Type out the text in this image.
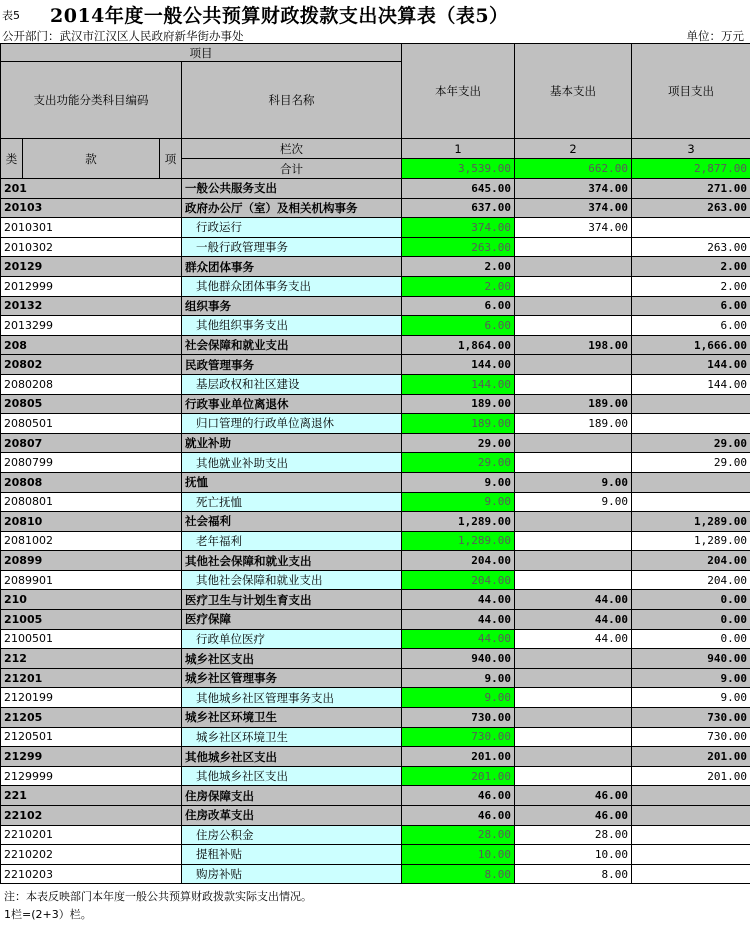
表5 2014年度一般公共预算财政拨款支出决算表（表5）
公开部门：武汉市江汉区人民政府新华街办事处	单位：万元
项目				本年支出	基本支出	项目支出
支出功能分类科目编码			科目名称			
类	款	项	栏次	1	2	3
			合计	3,539.00	662.00	2,877.00
201			一般公共服务支出	645.00	374.00	271.00
20103			政府办公厅（室）及相关机构事务	637.00	374.00	263.00
2010301			行政运行	374.00	374.00	
2010302			一般行政管理事务	263.00		263.00
20129			群众团体事务	2.00		2.00
2012999			其他群众团体事务支出	2.00		2.00
20132			组织事务	6.00		6.00
2013299			其他组织事务支出	6.00		6.00
208			社会保障和就业支出	1,864.00	198.00	1,666.00
20802			民政管理事务	144.00		144.00
2080208			基层政权和社区建设	144.00		144.00
20805			行政事业单位离退休	189.00	189.00	
2080501			归口管理的行政单位离退休	189.00	189.00	
20807			就业补助	29.00		29.00
2080799			其他就业补助支出	29.00		29.00
20808			抚恤	9.00	9.00	
2080801			死亡抚恤	9.00	9.00	
20810			社会福利	1,289.00		1,289.00
2081002			老年福利	1,289.00		1,289.00
20899			其他社会保障和就业支出	204.00		204.00
2089901			其他社会保障和就业支出	204.00		204.00
210			医疗卫生与计划生育支出	44.00	44.00	0.00
21005			医疗保障	44.00	44.00	0.00
2100501			行政单位医疗	44.00	44.00	0.00
212			城乡社区支出	940.00		940.00
21201			城乡社区管理事务	9.00		9.00
2120199			其他城乡社区管理事务支出	9.00		9.00
21205			城乡社区环境卫生	730.00		730.00
2120501			城乡社区环境卫生	730.00		730.00
21299			其他城乡社区支出	201.00		201.00
2129999			其他城乡社区支出	201.00		201.00
221			住房保障支出	46.00	46.00	
22102			住房改革支出	46.00	46.00	
2210201			住房公积金	28.00	28.00	
2210202			提租补贴	10.00	10.00	
2210203			购房补贴	8.00	8.00	
注：本表反映部门本年度一般公共预算财政拨款实际支出情况。
1栏=(2+3）栏。
